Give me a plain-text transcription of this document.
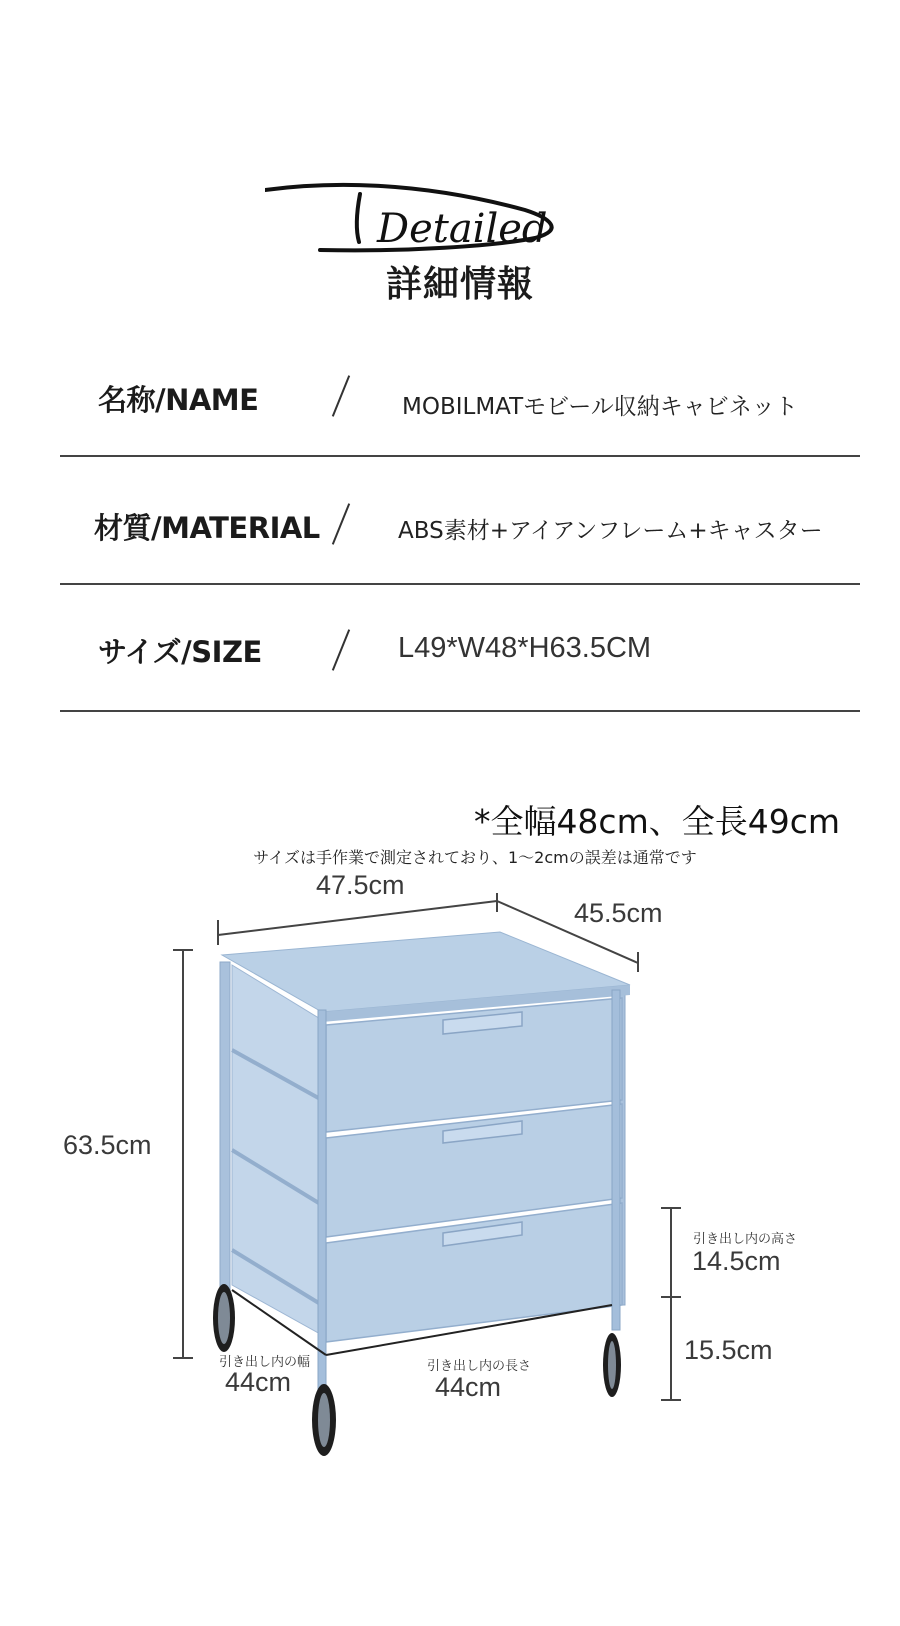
Detailed
詳細情報
名称/NAME	MOBILMATモビール収納キャビネット
材質/MATERIAL	ABS素材+アイアンフレーム+キャスター
サイズ/SIZE	L49*W48*H63.5CM
*全幅48cm、全長49cm
サイズは手作業で測定されており、1〜2cmの誤差は通常です
47.5cm
45.5cm
63.5cm
引き出し内の高さ
14.5cm
15.5cm
引き出し内の幅
44cm
引き出し内の長さ
44cm
